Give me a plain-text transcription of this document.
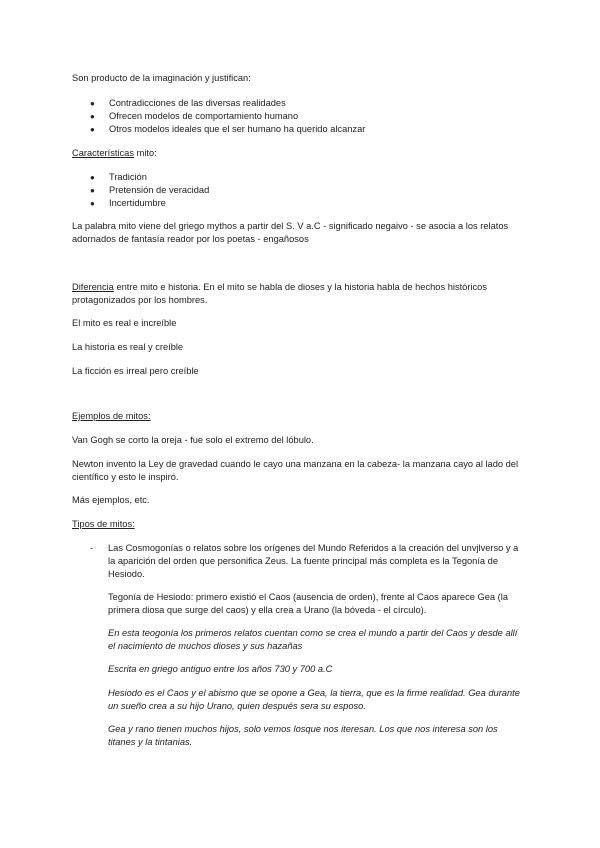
Son producto de la imaginación y justifican:

● Contradicciones de las diversas realidades
● Ofrecen modelos de comportamiento humano
● Otros modelos ideales que el ser humano ha querido alcanzar

Características mito:

● Tradición
● Pretensión de veracidad
● Incertidumbre

La palabra mito viene del griego mythos a partir del S. V a.C - significado negaivo - se asocia a los relatos adornados de fantasía reador por los poetas - engañosos

Diferencia entre mito e historia. En el mito se habla de dioses y la historia habla de hechos históricos protagonizados por los hombres.

El mito es real e increíble

La historia es real y creíble

La ficción es irreal pero creíble

Ejemplos de mitos:

Van Gogh se corto la oreja - fue solo el extremo del lóbulo.

Newton invento la Ley de gravedad cuando le cayo una manzana en la cabeza- la manzana cayo al lado del científico y esto le inspiró.

Más ejemplos, etc.

Tipos de mitos:

- Las Cosmogonías o relatos sobre los orígenes del Mundo Referidos a la creación del unvjlverso y a la aparición del orden que personifica Zeus. La fuente principal más completa es la Tegonía de Hesiodo.

Tegonía de Hesiodo: primero existió el Caos (ausencia de orden), frente al Caos aparece Gea (la primera diosa que surge del caos) y ella crea a Urano (la bóveda - el círculo).

En esta teogonía los primeros relatos cuentan como se crea el mundo a partir del Caos y desde allí el nacimiento de muchos dioses y sus hazañas

Escrita en griego antiguo entre los años 730 y 700 a.C

Hesiodo es el Caos y el abismo que se opone a Gea, la tierra, que es la firme realidad. Gea durante un sueño crea a su hijo Urano, quien después sera su esposo.

Gea y rano tienen muchos hijos, solo vemos losque nos iteresan. Los que nos interesa son los titanes y la tintanias.
